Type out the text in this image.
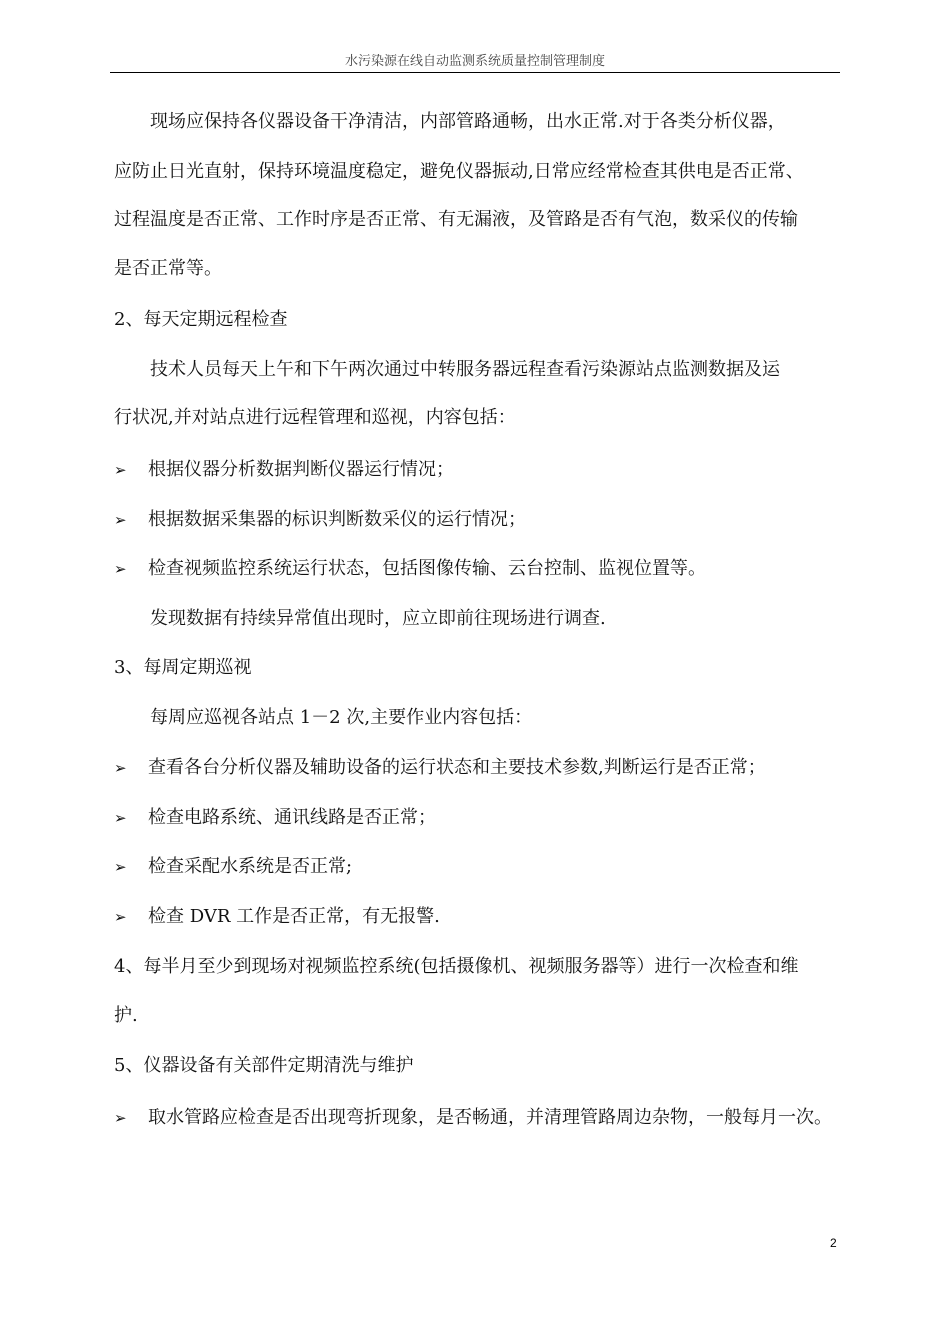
水污染源在线自动监测系统质量控制管理制度
现场应保持各仪器设备干净清洁，内部管路通畅，出水正常.对于各类分析仪器，
应防止日光直射，保持环境温度稳定，避免仪器振动,日常应经常检查其供电是否正常、
过程温度是否正常、工作时序是否正常、有无漏液，及管路是否有气泡，数采仪的传输
是否正常等。
2、每天定期远程检查
技术人员每天上午和下午两次通过中转服务器远程查看污染源站点监测数据及运
行状况,并对站点进行远程管理和巡视，内容包括：
➢ 根据仪器分析数据判断仪器运行情况；
➢ 根据数据采集器的标识判断数采仪的运行情况；
➢ 检查视频监控系统运行状态，包括图像传输、云台控制、监视位置等。
发现数据有持续异常值出现时，应立即前往现场进行调查.
3、每周定期巡视
每周应巡视各站点 1－2 次,主要作业内容包括：
➢ 查看各台分析仪器及辅助设备的运行状态和主要技术参数,判断运行是否正常；
➢ 检查电路系统、通讯线路是否正常；
➢ 检查采配水系统是否正常;
➢ 检查 DVR 工作是否正常，有无报警.
4、每半月至少到现场对视频监控系统(包括摄像机、视频服务器等）进行一次检查和维
护.
5、仪器设备有关部件定期清洗与维护
➢ 取水管路应检查是否出现弯折现象，是否畅通，并清理管路周边杂物，一般每月一次。
2
